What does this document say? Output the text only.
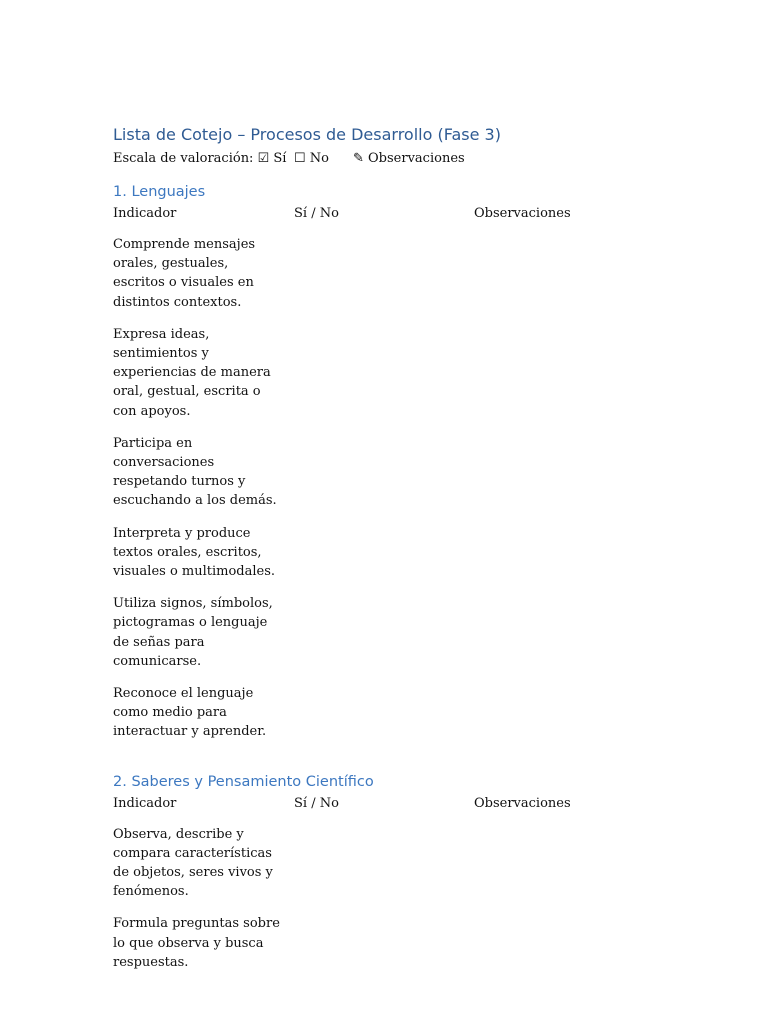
Lista de Cotejo – Procesos de Desarrollo (Fase 3)
Escala de valoración: ☑ Sí ☐ No ✎ Observaciones
1. Lenguajes
Indicador	Sí / No	Observaciones

Comprende mensajes orales, gestuales, escritos o visuales en distintos contextos.

Expresa ideas, sentimientos y experiencias de manera oral, gestual, escrita o con apoyos.

Participa en conversaciones respetando turnos y escuchando a los demás.

Interpreta y produce textos orales, escritos, visuales o multimodales.

Utiliza signos, símbolos, pictogramas o lenguaje de señas para comunicarse.

Reconoce el lenguaje como medio para interactuar y aprender.

2. Saberes y Pensamiento Científico
Indicador	Sí / No	Observaciones

Observa, describe y compara características de objetos, seres vivos y fenómenos.

Formula preguntas sobre lo que observa y busca respuestas.
